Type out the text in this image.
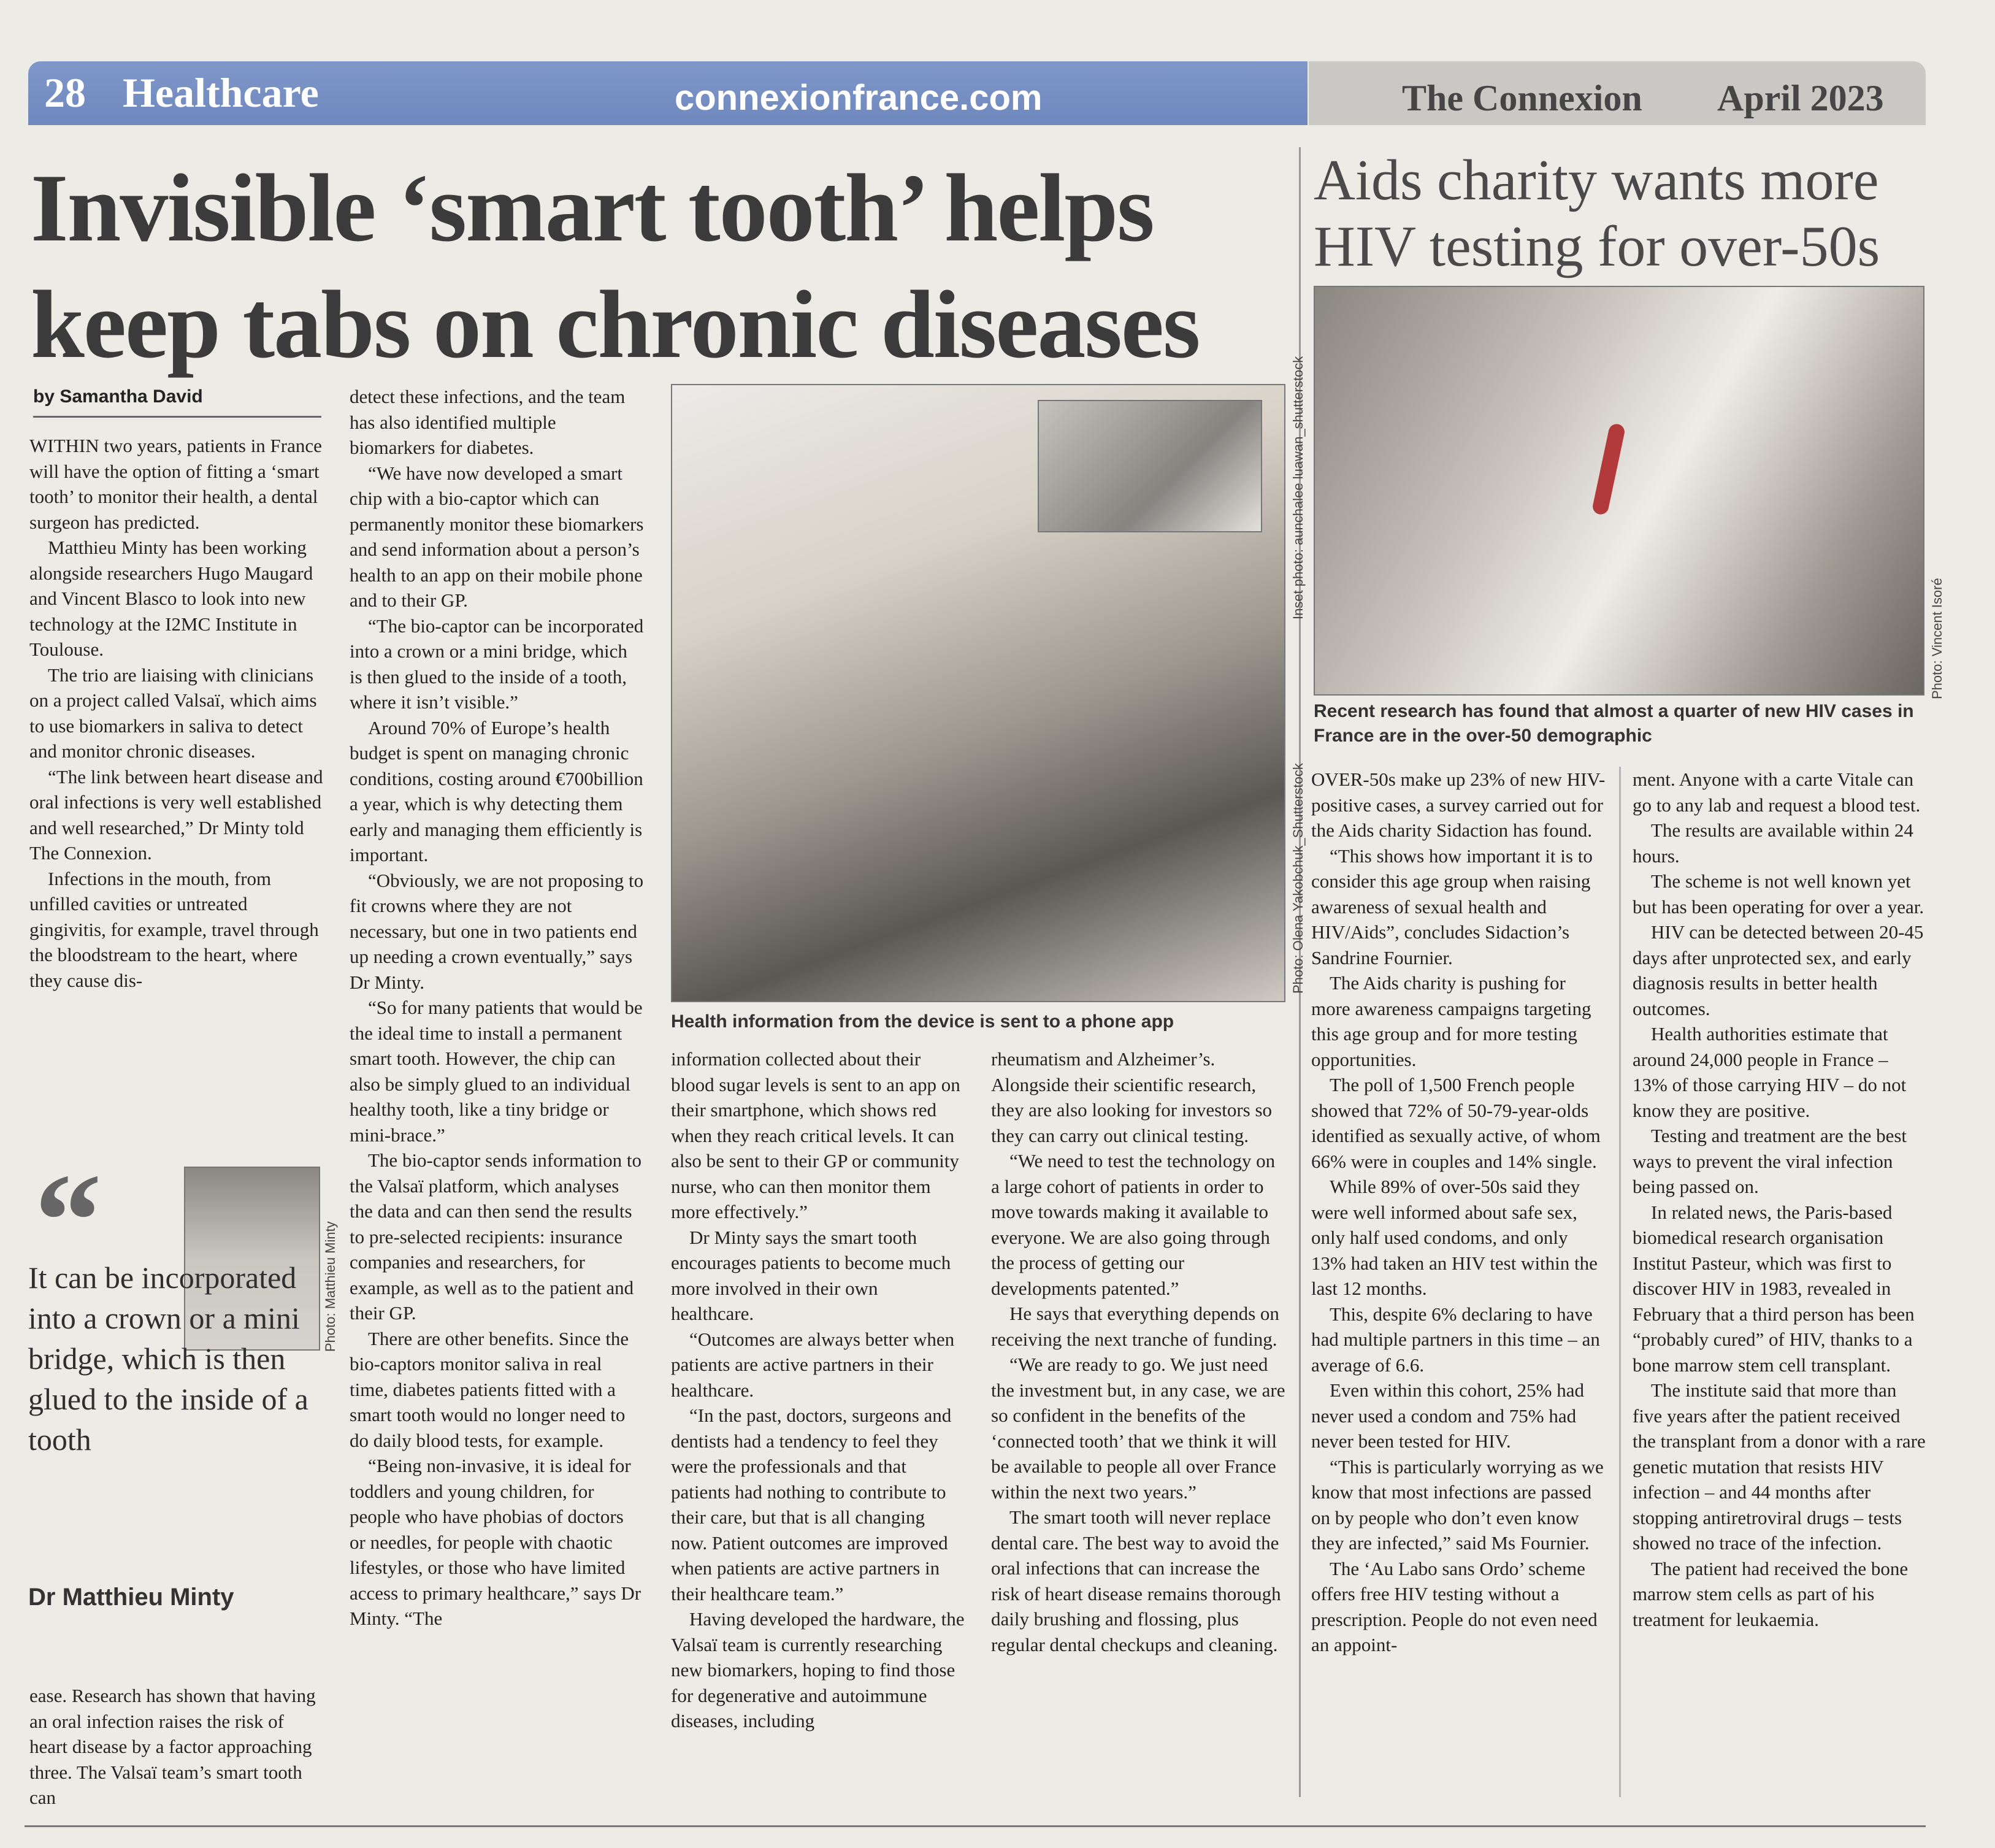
28 Healthcare	connexionfrance.com	The Connexion April 2023
Invisible ‘smart tooth’ helps keep tabs on chronic diseases
Aids charity wants more HIV testing for over-50s
by Samantha David

WITHIN two years, patients in France will have the option of fitting a ‘smart tooth’ to monitor their health, a dental surgeon has predicted.

Matthieu Minty has been working alongside researchers Hugo Maugard and Vincent Blasco to look into new technology at the I2MC Institute in Toulouse.

The trio are liaising with clinicians on a project called Valsaï, which aims to use biomarkers in saliva to detect and monitor chronic diseases.

“The link between heart disease and oral infections is very well established and well researched,” Dr Minty told The Connexion.

Infections in the mouth, from unfilled cavities or untreated gingivitis, for example, travel through the bloodstream to the heart, where they cause dis-

“	Photo: Matthieu Minty
It can be incorporated into a crown or a mini bridge, which is then glued to the inside of a tooth
Dr Matthieu Minty

ease. Research has shown that having an oral infection raises the risk of heart disease by a factor approaching three. The Valsaï team’s smart tooth can

detect these infections, and the team has also identified multiple biomarkers for diabetes.

“We have now developed a smart chip with a bio-captor which can permanently monitor these biomarkers and send information about a person’s health to an app on their mobile phone and to their GP.

“The bio-captor can be incorporated into a crown or a mini bridge, which is then glued to the inside of a tooth, where it isn’t visible.”

Around 70% of Europe’s health budget is spent on managing chronic conditions, costing around €700billion a year, which is why detecting them early and managing them efficiently is important.

“Obviously, we are not proposing to fit crowns where they are not necessary, but one in two patients end up needing a crown eventually,” says Dr Minty.

“So for many patients that would be the ideal time to install a permanent smart tooth. However, the chip can also be simply glued to an individual healthy tooth, like a tiny bridge or mini-brace.”

The bio-captor sends information to the Valsaï platform, which analyses the data and can then send the results to pre-selected recipients: insurance companies and researchers, for example, as well as to the patient and their GP.

There are other benefits. Since the bio-captors monitor saliva in real time, diabetes patients fitted with a smart tooth would no longer need to do daily blood tests, for example.

“Being non-invasive, it is ideal for toddlers and young children, for people who have phobias of doctors or needles, for people with chaotic lifestyles, or those who have limited access to primary healthcare,” says Dr Minty. “The

Inset photo: aunchalee luawan_shutterstock
Photo: Olena Yakobchuk_Shutterstock
Health information from the device is sent to a phone app

information collected about their blood sugar levels is sent to an app on their smartphone, which shows red when they reach critical levels. It can also be sent to their GP or community nurse, who can then monitor them more effectively.”

Dr Minty says the smart tooth encourages patients to become much more involved in their own healthcare.

“Outcomes are always better when patients are active partners in their healthcare.

“In the past, doctors, surgeons and dentists had a tendency to feel they were the professionals and that patients had nothing to contribute to their care, but that is all changing now. Patient outcomes are improved when patients are active partners in their healthcare team.”

Having developed the hardware, the Valsaï team is currently researching new biomarkers, hoping to find those for degenerative and autoimmune diseases, including

rheumatism and Alzheimer’s. Alongside their scientific research, they are also looking for investors so they can carry out clinical testing.

“We need to test the technology on a large cohort of patients in order to move towards making it available to everyone. We are also going through the process of getting our developments patented.”

He says that everything depends on receiving the next tranche of funding.

“We are ready to go. We just need the investment but, in any case, we are so confident in the benefits of the ‘connected tooth’ that we think it will be available to people all over France within the next two years.”

The smart tooth will never replace dental care. The best way to avoid the oral infections that can increase the risk of heart disease remains thorough daily brushing and flossing, plus regular dental checkups and cleaning.

Photo: Vincent Isoré
Recent research has found that almost a quarter of new HIV cases in France are in the over-50 demographic

OVER-50s make up 23% of new HIV-positive cases, a survey carried out for the Aids charity Sidaction has found.

“This shows how important it is to consider this age group when raising awareness of sexual health and HIV/Aids”, concludes Sidaction’s Sandrine Fournier.

The Aids charity is pushing for more awareness campaigns targeting this age group and for more testing opportunities.

The poll of 1,500 French people showed that 72% of 50-79-year-olds identified as sexually active, of whom 66% were in couples and 14% single.

While 89% of over-50s said they were well informed about safe sex, only half used condoms, and only 13% had taken an HIV test within the last 12 months.

This, despite 6% declaring to have had multiple partners in this time – an average of 6.6.

Even within this cohort, 25% had never used a condom and 75% had never been tested for HIV.

“This is particularly worrying as we know that most infections are passed on by people who don’t even know they are infected,” said Ms Fournier.

The ‘Au Labo sans Ordo’ scheme offers free HIV testing without a prescription. People do not even need an appoint-

ment. Anyone with a carte Vitale can go to any lab and request a blood test.

The results are available within 24 hours.

The scheme is not well known yet but has been operating for over a year.

HIV can be detected between 20-45 days after unprotected sex, and early diagnosis results in better health outcomes.

Health authorities estimate that around 24,000 people in France – 13% of those carrying HIV – do not know they are positive.

Testing and treatment are the best ways to prevent the viral infection being passed on.

In related news, the Paris-based biomedical research organisation Institut Pasteur, which was first to discover HIV in 1983, revealed in February that a third person has been “probably cured” of HIV, thanks to a bone marrow stem cell transplant.

The institute said that more than five years after the patient received the transplant from a donor with a rare genetic mutation that resists HIV infection – and 44 months after stopping antiretroviral drugs – tests showed no trace of the infection.

The patient had received the bone marrow stem cells as part of his treatment for leukaemia.
